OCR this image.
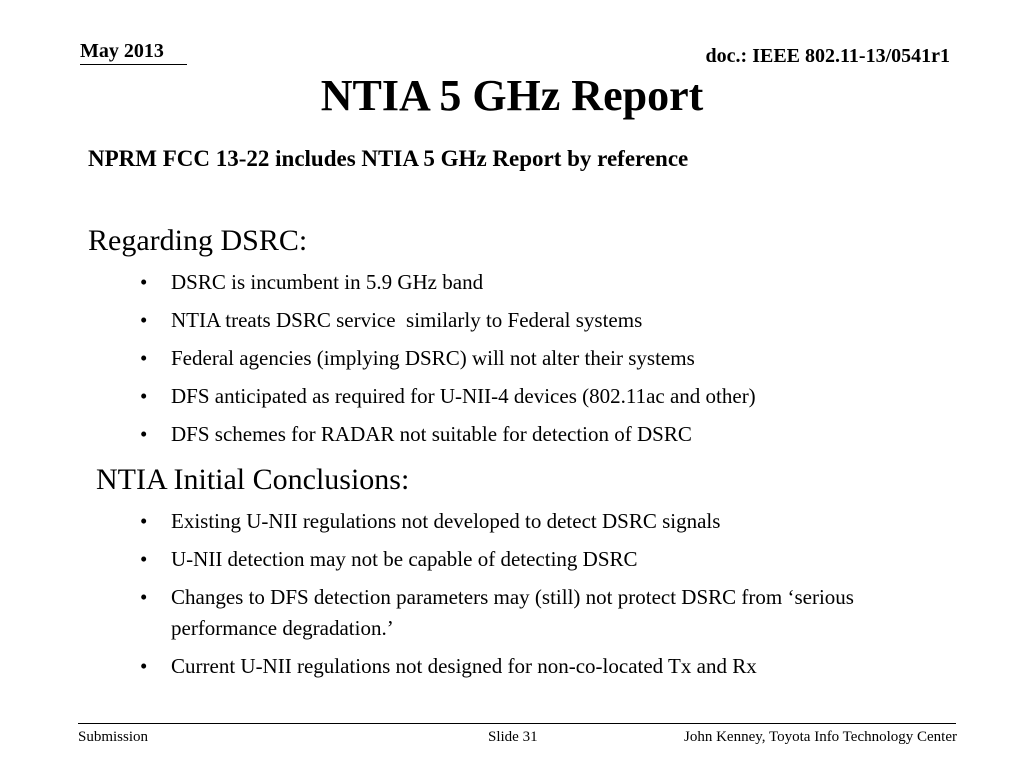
May 2013	doc.: IEEE 802.11-13/0541r1
NTIA 5 GHz Report
NPRM FCC 13-22 includes NTIA 5 GHz Report by reference
Regarding DSRC:
• DSRC is incumbent in 5.9 GHz band
• NTIA treats DSRC service  similarly to Federal systems
• Federal agencies (implying DSRC) will not alter their systems
• DFS anticipated as required for U-NII-4 devices (802.11ac and other)
• DFS schemes for RADAR not suitable for detection of DSRC
NTIA Initial Conclusions:
• Existing U-NII regulations not developed to detect DSRC signals
• U-NII detection may not be capable of detecting DSRC
• Changes to DFS detection parameters may (still) not protect DSRC from ‘serious performance degradation.’
• Current U-NII regulations not designed for non-co-located Tx and Rx
Submission	Slide 31	John Kenney, Toyota Info Technology Center
